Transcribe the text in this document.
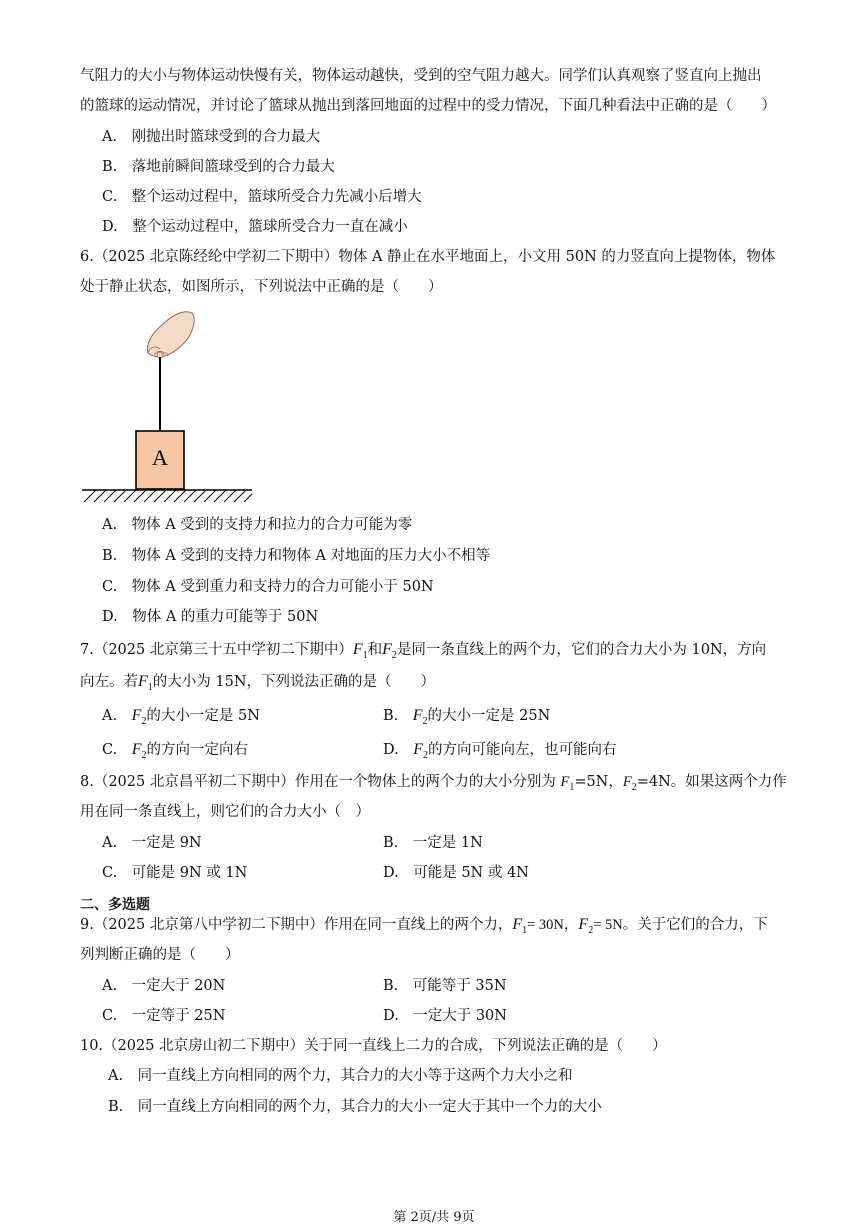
气阻力的大小与物体运动快慢有关，物体运动越快，受到的空气阻力越大。同学们认真观察了竖直向上抛出
的篮球的运动情况，并讨论了篮球从抛出到落回地面的过程中的受力情况，下面几种看法中正确的是（　　）
A.　刚抛出时篮球受到的合力最大
B.　落地前瞬间篮球受到的合力最大
C.　整个运动过程中，篮球所受合力先减小后增大
D.　整个运动过程中，篮球所受合力一直在减小
6.（2025 北京陈经纶中学初二下期中）物体 A 静止在水平地面上，小文用 50N 的力竖直向上提物体，物体
处于静止状态，如图所示，下列说法中正确的是（　　）
A
A.　物体 A 受到的支持力和拉力的合力可能为零
B.　物体 A 受到的支持力和物体 A 对地面的压力大小不相等
C.　物体 A 受到重力和支持力的合力可能小于 50N
D.　物体 A 的重力可能等于 50N
7.（2025 北京第三十五中学初二下期中）$F_1$和$F_2$是同一条直线上的两个力，它们的合力大小为 10N，方向
向左。若$F_1$的大小为 15N，下列说法正确的是（　　）
A.　 $F_2$的大小一定是 5N	B.　 $F_2$的大小一定是 25N
C.　 $F_2$的方向一定向右	D.　 $F_2$的方向可能向左，也可能向右
8.（2025 北京昌平初二下期中）作用在一个物体上的两个力的大小分别为 $F_1=5N$，$F_2=4N$。如果这两个力作
用在同一条直线上，则它们的合力大小（　）
A.　一定是 9N	B.　一定是 1N
C.　可能是 9N 或 1N	D.　可能是 5N 或 4N
二、多选题
9.（2025 北京第八中学初二下期中）作用在同一直线上的两个力，$F_1= 30N$，$F_2= 5N$。关于它们的合力，下
列判断正确的是（　　）
A.　一定大于 20N	B.　可能等于 35N
C.　一定等于 25N	D.　一定大于 30N
10.（2025 北京房山初二下期中）关于同一直线上二力的合成，下列说法正确的是（　　）
A.　同一直线上方向相同的两个力，其合力的大小等于这两个力大小之和
B.　同一直线上方向相同的两个力，其合力的大小一定大于其中一个力的大小
第 2页/共 9页
